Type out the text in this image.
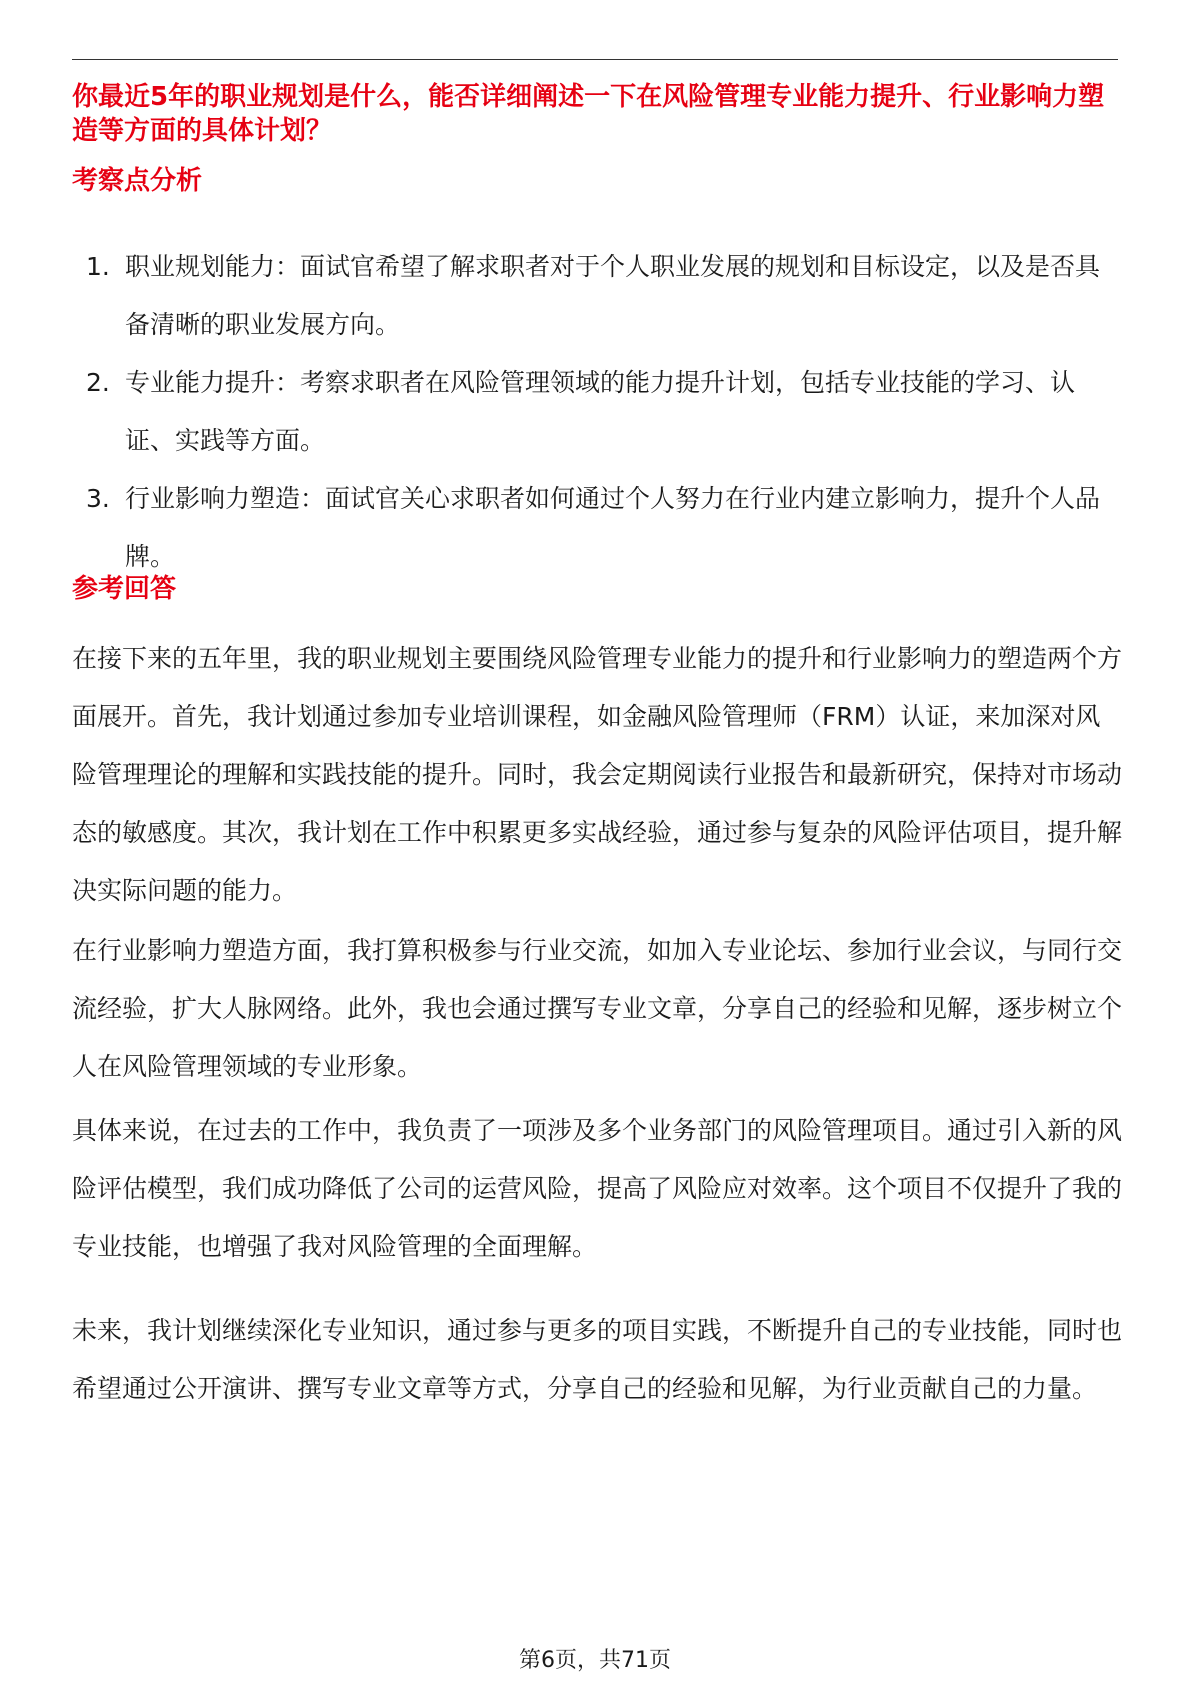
你最近5年的职业规划是什么，能否详细阐述一下在风险管理专业能力提升、行业影响力塑造等方面的具体计划？
考察点分析
1. 职业规划能力：面试官希望了解求职者对于个人职业发展的规划和目标设定，以及是否具备清晰的职业发展方向。
2. 专业能力提升：考察求职者在风险管理领域的能力提升计划，包括专业技能的学习、认证、实践等方面。
3. 行业影响力塑造：面试官关心求职者如何通过个人努力在行业内建立影响力，提升个人品牌。
参考回答

在接下来的五年里，我的职业规划主要围绕风险管理专业能力的提升和行业影响力的塑造两个方面展开。首先，我计划通过参加专业培训课程，如金融风险管理师（FRM）认证，来加深对风险管理理论的理解和实践技能的提升。同时，我会定期阅读行业报告和最新研究，保持对市场动态的敏感度。其次，我计划在工作中积累更多实战经验，通过参与复杂的风险评估项目，提升解决实际问题的能力。

在行业影响力塑造方面，我打算积极参与行业交流，如加入专业论坛、参加行业会议，与同行交流经验，扩大人脉网络。此外，我也会通过撰写专业文章，分享自己的经验和见解，逐步树立个人在风险管理领域的专业形象。

具体来说，在过去的工作中，我负责了一项涉及多个业务部门的风险管理项目。通过引入新的风险评估模型，我们成功降低了公司的运营风险，提高了风险应对效率。这个项目不仅提升了我的专业技能，也增强了我对风险管理的全面理解。

未来，我计划继续深化专业知识，通过参与更多的项目实践，不断提升自己的专业技能，同时也希望通过公开演讲、撰写专业文章等方式，分享自己的经验和见解，为行业贡献自己的力量。

第6页，共71页
